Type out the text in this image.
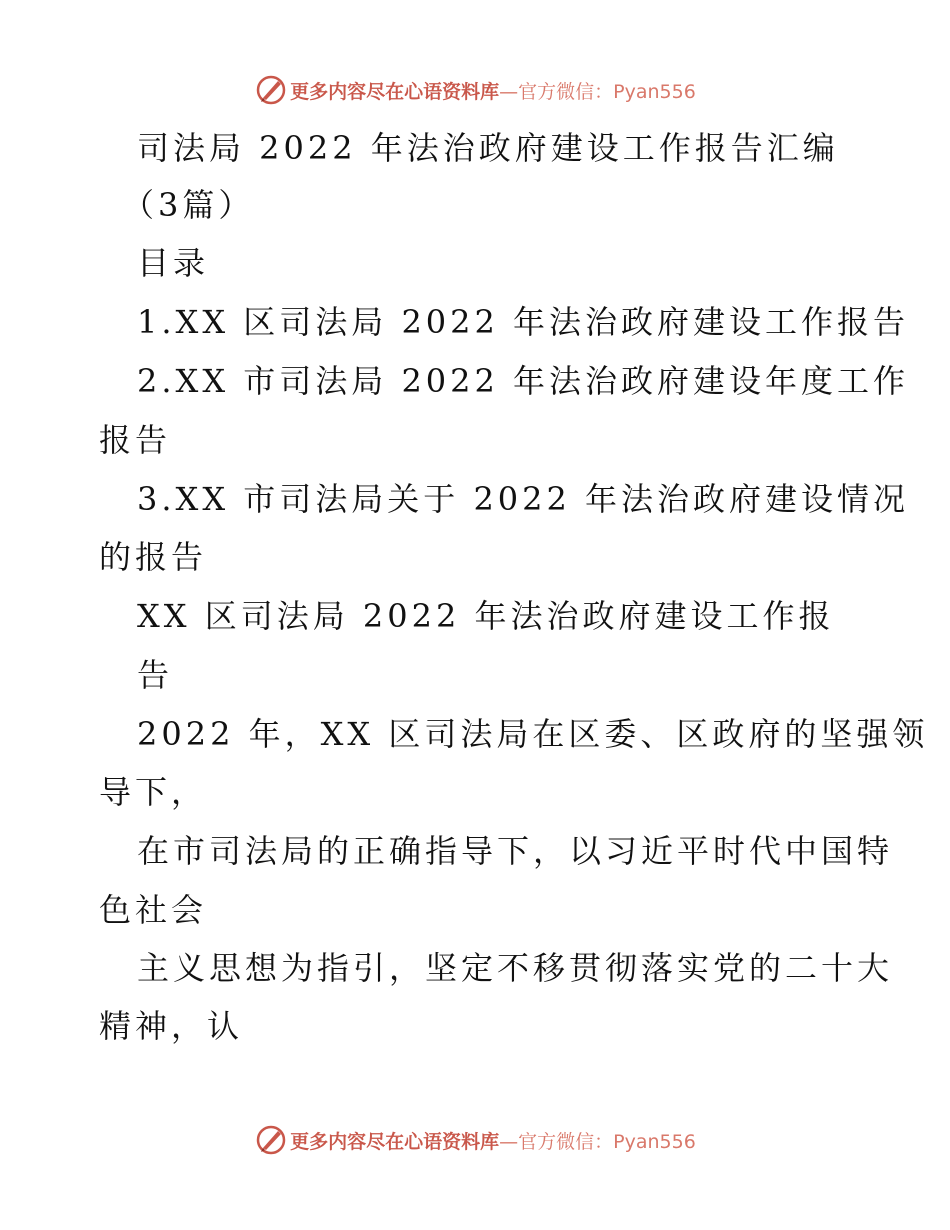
更多内容尽在心语资料库—官方微信：Pyan556
司法局 2022 年法治政府建设工作报告汇编
（3篇）
目录
1.XX 区司法局 2022 年法治政府建设工作报告
2.XX 市司法局 2022 年法治政府建设年度工作
报告
3.XX 市司法局关于 2022 年法治政府建设情况
的报告
XX 区司法局 2022 年法治政府建设工作报
告
2022 年，XX 区司法局在区委、区政府的坚强领
导下，
在市司法局的正确指导下，以习近平时代中国特
色社会
主义思想为指引，坚定不移贯彻落实党的二十大
精神，认
更多内容尽在心语资料库—官方微信：Pyan556
